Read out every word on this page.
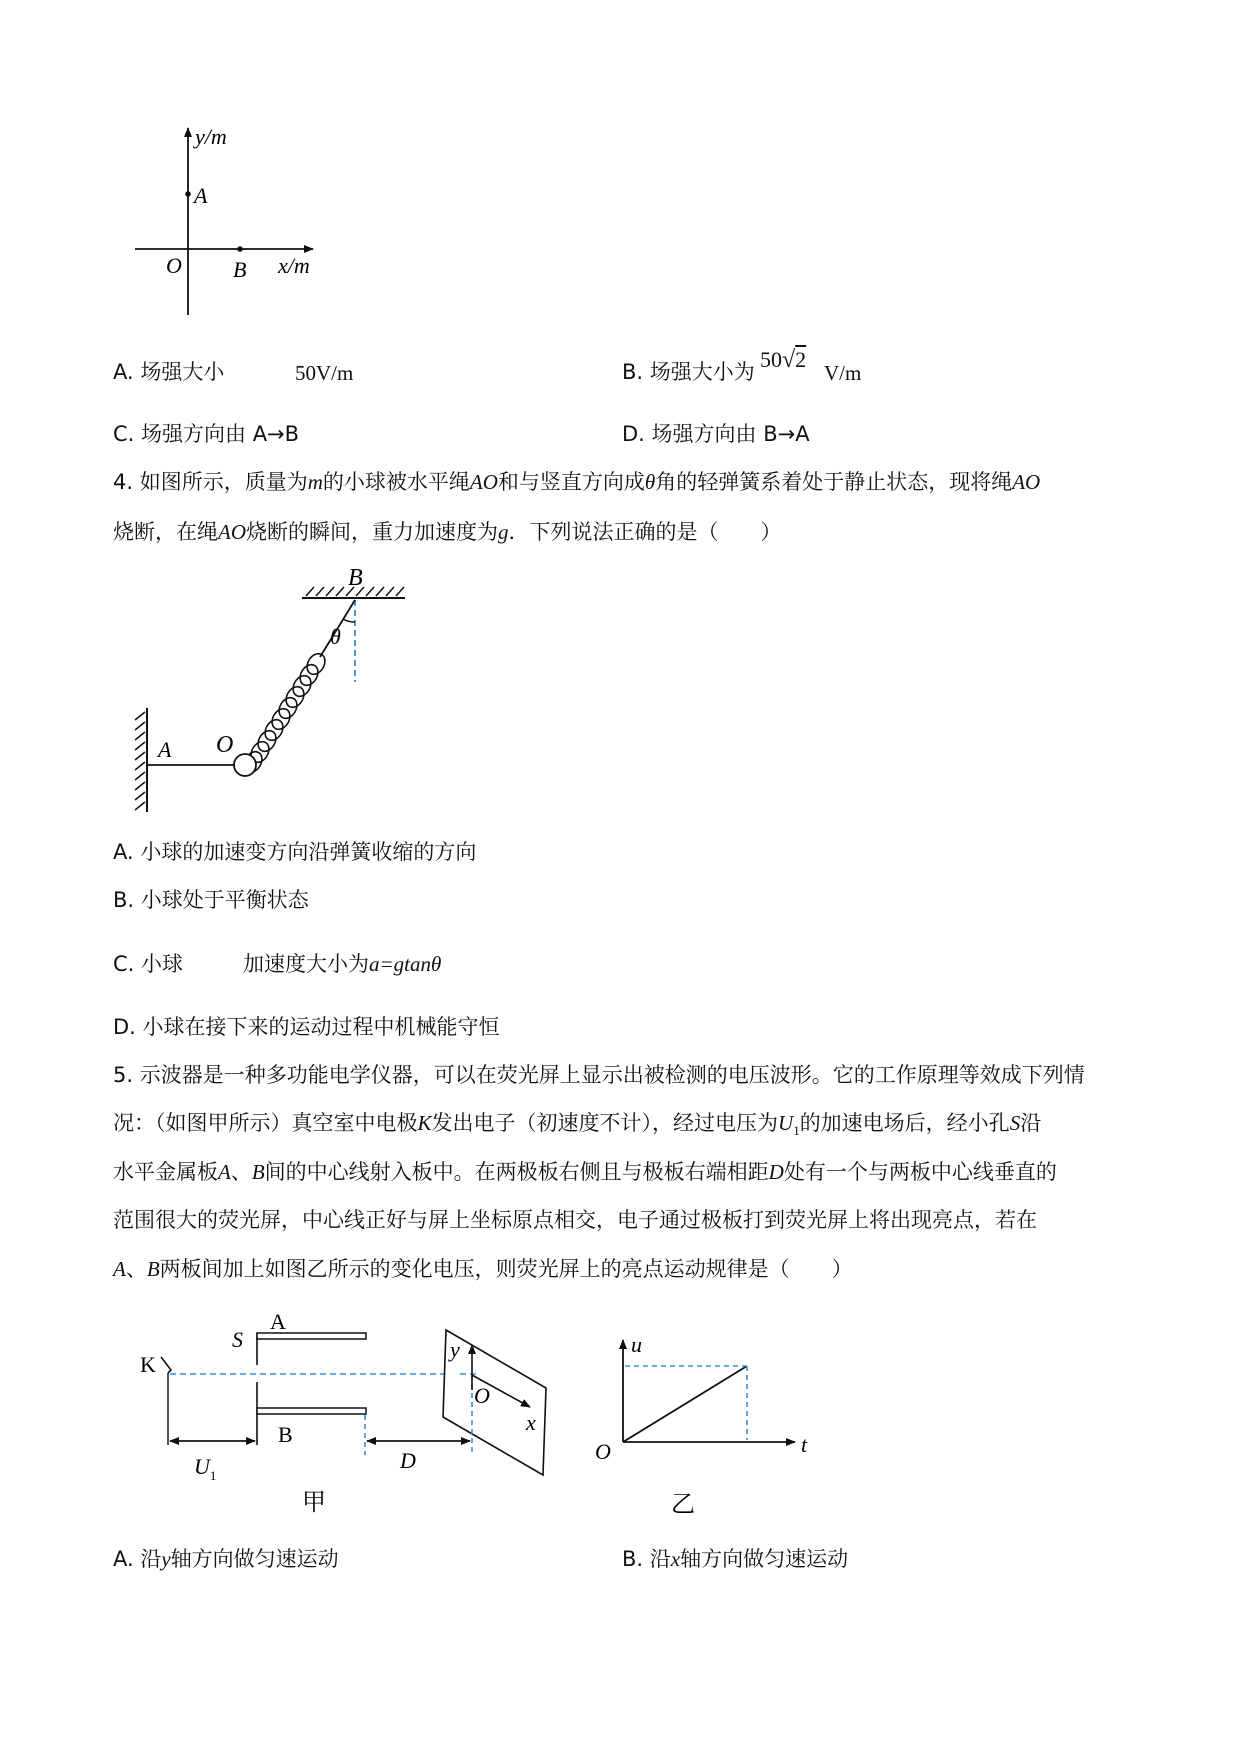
y/m
A
O B x/m
A. 场强大小	50V/m	B. 场强大小为 50√2
V/m
C. 场强方向由 A→B	D. 场强方向由 B→A
4. 如图所示，质量为m的小球被水平绳AO和与竖直方向成θ角的轻弹簧系着处于静止状态，现将绳AO
烧断，在绳AO烧断的瞬间，重力加速度为g．下列说法正确的是（　　）
B
θ
A O
A. 小球的加速变方向沿弹簧收缩的方向
B. 小球处于平衡状态
C. 小球	加速度大小为a=gtanθ
D. 小球在接下来的运动过程中机械能守恒
5. 示波器是一种多功能电学仪器，可以在荧光屏上显示出被检测的电压波形。它的工作原理等效成下列情
况：（如图甲所示）真空室中电极K发出电子（初速度不计），经过电压为$U_1$的加速电场后，经小孔S沿
水平金属板A、B间的中心线射入板中。在两极板右侧且与极板右端相距D处有一个与两板中心线垂直的
范围很大的荧光屏，中心线正好与屏上坐标原点相交，电子通过极板打到荧光屏上将出现亮点，若在
A、B两板间加上如图乙所示的变化电压，则荧光屏上的亮点运动规律是（　　）
K
A
S
B
y
O
x
$U_1$
D
甲
u
O	t
乙
A. 沿y轴方向做匀速运动	B. 沿x轴方向做匀速运动
